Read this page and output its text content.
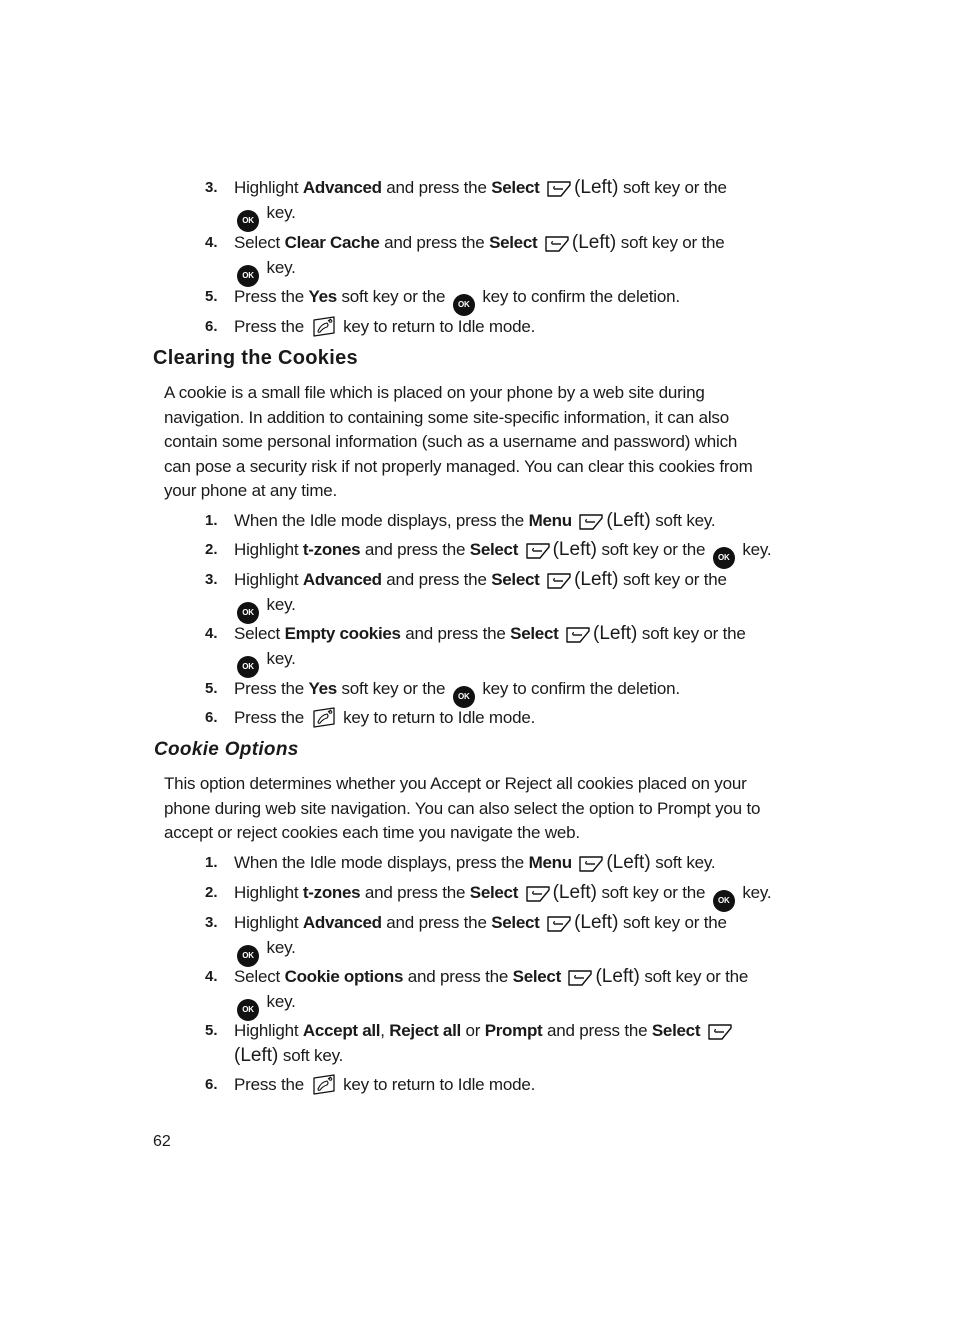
3. Highlight Advanced and press the Select (Left) soft key or the
OK key.
4. Select Clear Cache and press the Select (Left) soft key or the
OK key.
5. Press the Yes soft key or the OK key to confirm the deletion.
6. Press the key to return to Idle mode.
Clearing the Cookies

A cookie is a small file which is placed on your phone by a web site during navigation. In addition to containing some site-specific information, it can also contain some personal information (such as a username and password) which can pose a security risk if not properly managed. You can clear this cookies from your phone at any time.

1. When the Idle mode displays, press the Menu (Left) soft key.
2. Highlight t-zones and press the Select (Left) soft key or the OK key.
3. Highlight Advanced and press the Select (Left) soft key or the
OK key.
4. Select Empty cookies and press the Select (Left) soft key or the
OK key.
5. Press the Yes soft key or the OK key to confirm the deletion.
6. Press the key to return to Idle mode.
Cookie Options

This option determines whether you Accept or Reject all cookies placed on your phone during web site navigation. You can also select the option to Prompt you to accept or reject cookies each time you navigate the web.

1. When the Idle mode displays, press the Menu (Left) soft key.
2. Highlight t-zones and press the Select (Left) soft key or the OK key.
3. Highlight Advanced and press the Select (Left) soft key or the
OK key.
4. Select Cookie options and press the Select (Left) soft key or the
OK key.
5. Highlight Accept all, Reject all or Prompt and press the Select
(Left) soft key.
6. Press the key to return to Idle mode.
62
